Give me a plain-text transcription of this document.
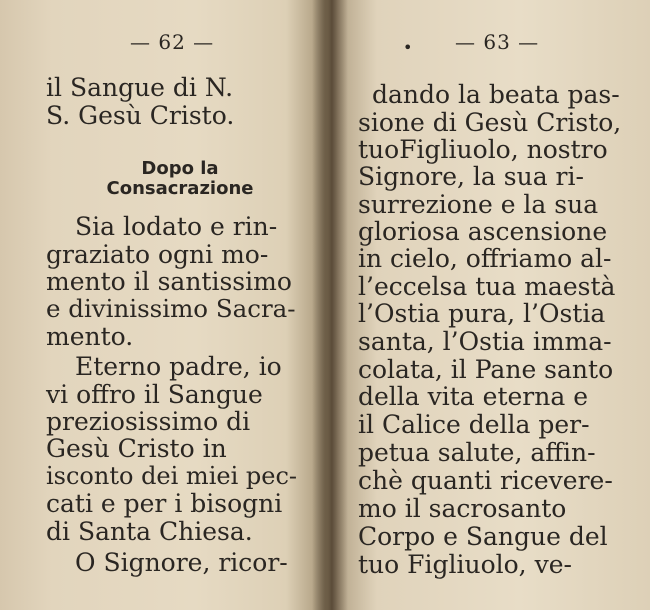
— 62 —
il Sangue di N.
S. Gesù Cristo.
Dopo la
Consacrazione
Sia lodato e rin-
graziato ogni mo-
mento il santissimo
e divinissimo Sacra-
mento.
Eterno padre, io
vi offro il Sangue
preziosissimo di
Gesù Cristo in
isconto dei miei pec-
cati e per i bisogni
di Santa Chiesa.
O Signore, ricor-
• — 63 —
dando la beata pas-
sione di Gesù Cristo,
tuoFigliuolo, nostro
Signore, la sua ri-
surrezione e la sua
gloriosa ascensione
in cielo, offriamo al-
l’eccelsa tua maestà
l’Ostia pura, l’Ostia
santa, l’Ostia imma-
colata, il Pane santo
della vita eterna e
il Calice della per-
petua salute, affin-
chè quanti ricevere-
mo il sacrosanto
Corpo e Sangue del
tuo Figliuolo, ve-
